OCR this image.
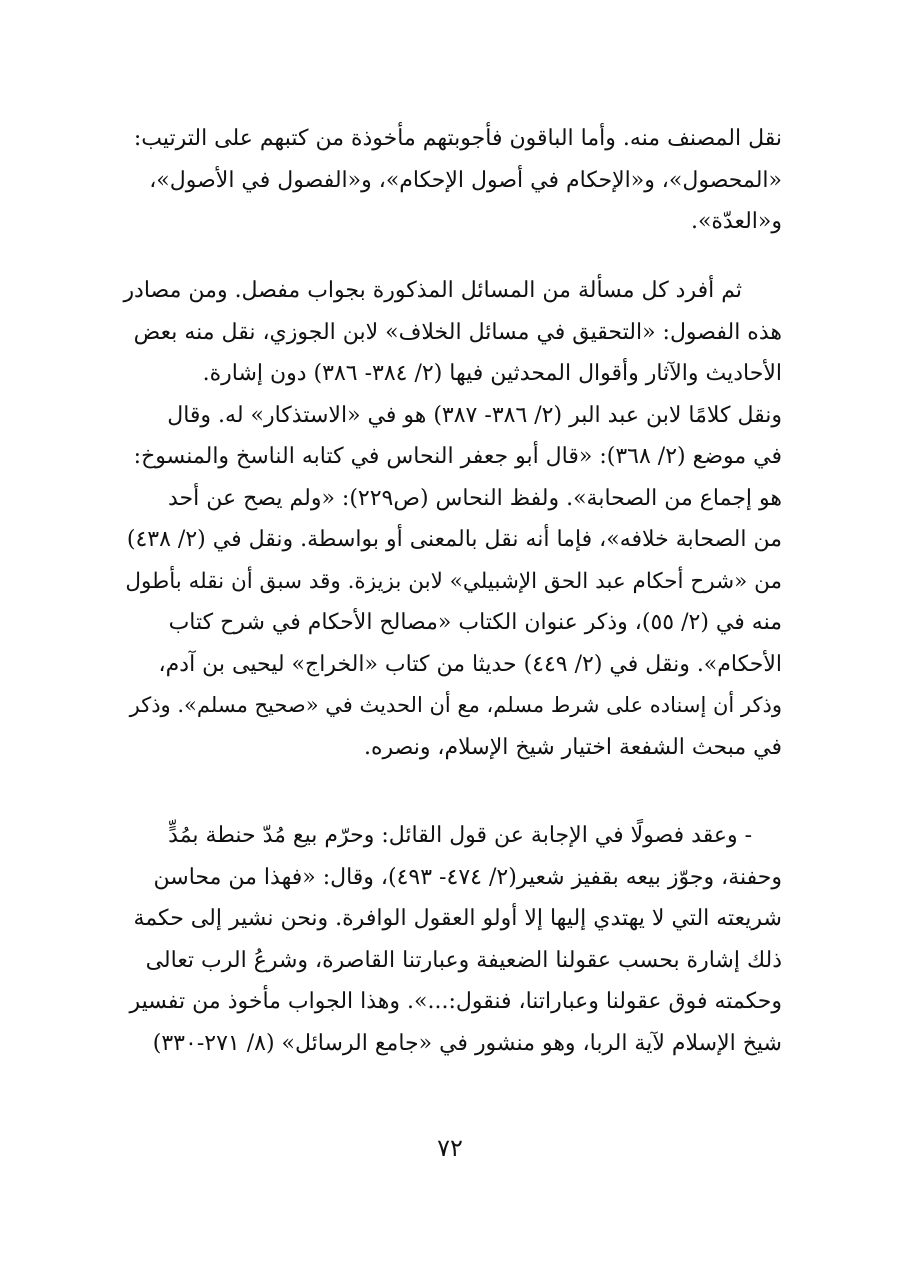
نقل المصنف منه. وأما الباقون فأجوبتهم مأخوذة من كتبهم على الترتيب:
«المحصول»، و«الإحكام في أصول الإحكام»، و«الفصول في الأصول»،
و«العدّة».
ثم أفرد كل مسألة من المسائل المذكورة بجواب مفصل. ومن مصادر
هذه الفصول: «التحقيق في مسائل الخلاف» لابن الجوزي، نقل منه بعض
الأحاديث والآثار وأقوال المحدثين فيها (٢/ ٣٨٤- ٣٨٦) دون إشارة.
ونقل كلامًا لابن عبد البر (٢/ ٣٨٦- ٣٨٧) هو في «الاستذكار» له. وقال
في موضع (٢/ ٣٦٨): «قال أبو جعفر النحاس في كتابه الناسخ والمنسوخ:
هو إجماع من الصحابة». ولفظ النحاس (ص٢٢٩): «ولم يصح عن أحد
من الصحابة خلافه»، فإما أنه نقل بالمعنى أو بواسطة. ونقل في (٢/ ٤٣٨)
من «شرح أحكام عبد الحق الإشبيلي» لابن بزيزة. وقد سبق أن نقله بأطول
منه في (٢/ ٥٥)، وذكر عنوان الكتاب «مصالح الأحكام في شرح كتاب
الأحكام». ونقل في (٢/ ٤٤٩) حديثا من كتاب «الخراج» ليحيى بن آدم،
وذكر أن إسناده على شرط مسلم، مع أن الحديث في «صحيح مسلم». وذكر
في مبحث الشفعة اختيار شيخ الإسلام، ونصره.
- وعقد فصولًا في الإجابة عن قول القائل: وحرّم بيع مُدّ حنطة بمُدٍّ
وحفنة، وجوّز بيعه بقفيز شعير(٢/ ٤٧٤- ٤٩٣)، وقال: «فهذا من محاسن
شريعته التي لا يهتدي إليها إلا أولو العقول الوافرة. ونحن نشير إلى حكمة
ذلك إشارة بحسب عقولنا الضعيفة وعبارتنا القاصرة، وشرعُ الرب تعالى
وحكمته فوق عقولنا وعباراتنا، فنقول:...». وهذا الجواب مأخوذ من تفسير
شيخ الإسلام لآية الربا، وهو منشور في «جامع الرسائل» (٨/ ٢٧١-٣٣٠)
٧٢
